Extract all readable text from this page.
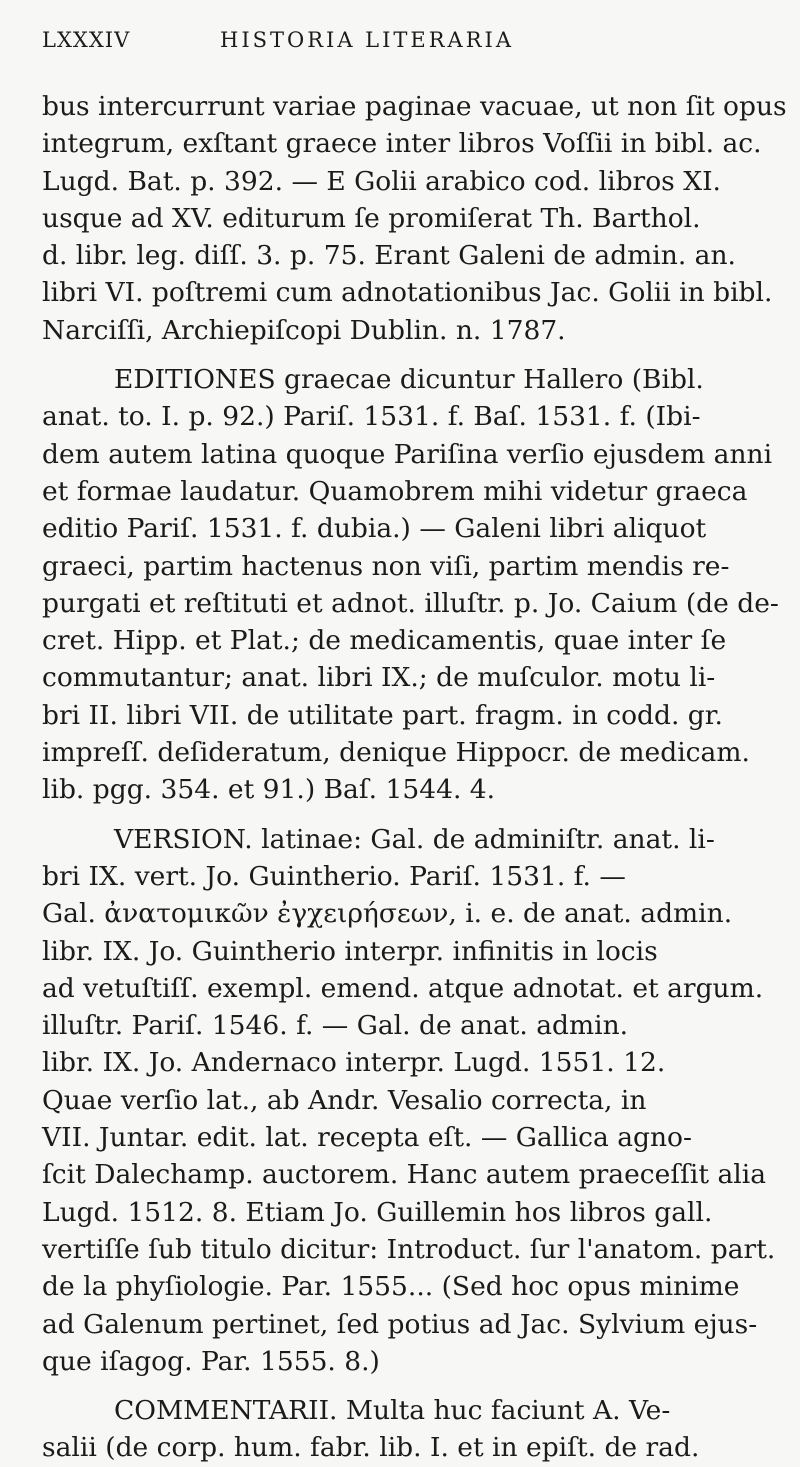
LXXXIV	HISTORIA LITERARIA
bus intercurrunt variae paginae vacuae, ut non ſit opus
integrum, exſtant graece inter libros Voſſii in bibl. ac.
Lugd. Bat. p. 392. — E Golii arabico cod. libros XI.
usque ad XV. editurum ſe promiſerat Th. Barthol.
d. libr. leg. diſſ. 3. p. 75. Erant Galeni de admin. an.
libri VI. poſtremi cum adnotationibus Jac. Golii in bibl.
Narciſſi, Archiepiſcopi Dublin. n. 1787.
EDITIONES graecae dicuntur Hallero (Bibl.
anat. to. I. p. 92.) Pariſ. 1531. f. Baſ. 1531. f. (Ibi-
dem autem latina quoque Pariſina verſio ejusdem anni
et formae laudatur. Quamobrem mihi videtur graeca
editio Pariſ. 1531. f. dubia.) — Galeni libri aliquot
graeci, partim hactenus non viſi, partim mendis re-
purgati et reſtituti et adnot. illuſtr. p. Jo. Caium (de de-
cret. Hipp. et Plat.; de medicamentis, quae inter ſe
commutantur; anat. libri IX.; de muſculor. motu li-
bri II. libri VII. de utilitate part. fragm. in codd. gr.
impreſſ. deſideratum, denique Hippocr. de medicam.
lib. pgg. 354. et 91.) Baſ. 1544. 4.
VERSION. latinae: Gal. de adminiſtr. anat. li-
bri IX. vert. Jo. Guintherio. Pariſ. 1531. f. —
Gal. ἀνατομικῶν ἐγχειρήσεων, i. e. de anat. admin.
libr. IX. Jo. Guintherio interpr. infinitis in locis
ad vetuſtiſſ. exempl. emend. atque adnotat. et argum.
illuſtr. Pariſ. 1546. f. — Gal. de anat. admin.
libr. IX. Jo. Andernaco interpr. Lugd. 1551. 12.
Quae verſio lat., ab Andr. Vesalio correcta, in
VII. Juntar. edit. lat. recepta eſt. — Gallica agno-
ſcit Dalechamp. auctorem. Hanc autem praeceſſit alia
Lugd. 1512. 8. Etiam Jo. Guillemin hos libros gall.
vertiſſe ſub titulo dicitur: Introduct. ſur l'anatom. part.
de la phyſiologie. Par. 1555... (Sed hoc opus minime
ad Galenum pertinet, ſed potius ad Jac. Sylvium ejus-
que iſagog. Par. 1555. 8.)
COMMENTARII. Multa huc faciunt A. Ve-
salii (de corp. hum. fabr. lib. I. et in epiſt. de rad.
